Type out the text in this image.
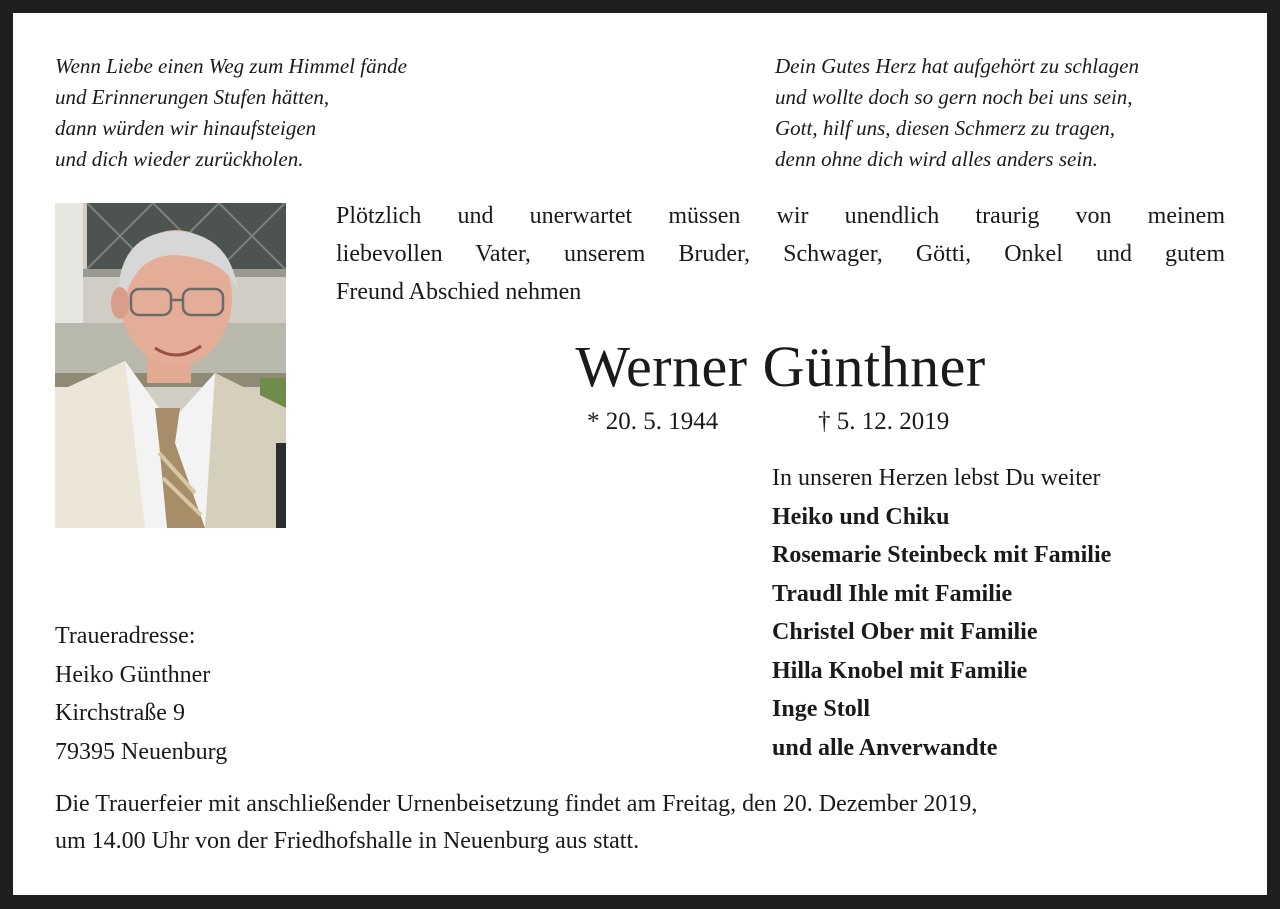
Wenn Liebe einen Weg zum Himmel fände
und Erinnerungen Stufen hätten,
dann würden wir hinaufsteigen
und dich wieder zurückholen.
Dein Gutes Herz hat aufgehört zu schlagen
und wollte doch so gern noch bei uns sein,
Gott, hilf uns, diesen Schmerz zu tragen,
denn ohne dich wird alles anders sein.
Plötzlich und unerwartet müssen wir unendlich traurig von meinem
liebevollen Vater, unserem Bruder, Schwager, Götti, Onkel und gutem
Freund Abschied nehmen
Werner Günthner
* 20. 5. 1944	† 5. 12. 2019
In unseren Herzen lebst Du weiter
Heiko und Chiku
Rosemarie Steinbeck mit Familie
Traudl Ihle mit Familie
Christel Ober mit Familie
Hilla Knobel mit Familie
Inge Stoll
und alle Anverwandte
Traueradresse:
Heiko Günthner
Kirchstraße 9
79395 Neuenburg
Die Trauerfeier mit anschließender Urnenbeisetzung findet am Freitag, den 20. Dezember 2019,
um 14.00 Uhr von der Friedhofshalle in Neuenburg aus statt.
